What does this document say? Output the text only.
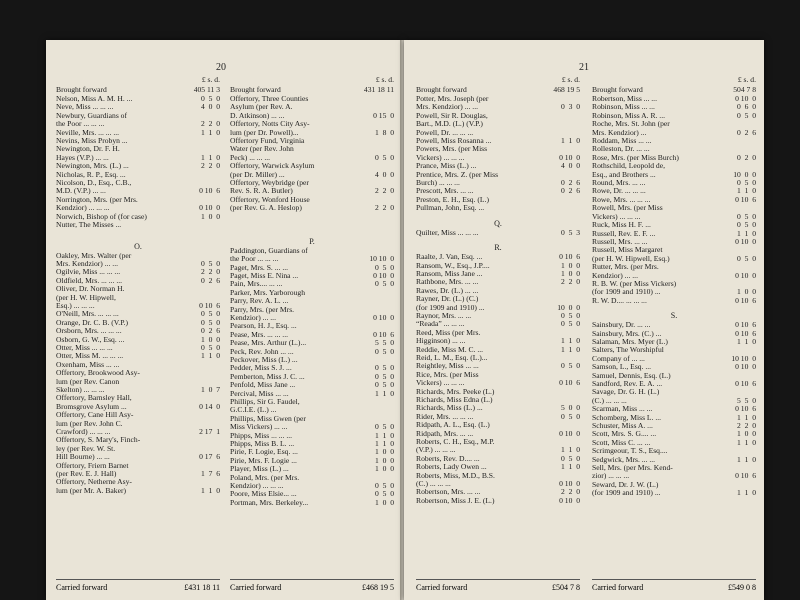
20
£ s. d.
Brought forward	405 11 3
Nelson, Miss A. M. H. ...	0  5  0
Neve, Miss ... ... ...	4  0  0
Newbury, Guardians of
the Poor ... ... ...	2  2  0
Neville, Mrs. ... ... ...	1  1  0
Nevins, Miss Probyn ...
Newington, Dr. F. H.
Hayes (V.P.) ... ...	1  1  0
Newington, Mrs. (L.) ...	2  2  0
Nicholas, R. P., Esq. ...
Nicolson, D., Esq., C.B.,
M.D. (V.P.) ... ...	0 10  6
Norrington, Mrs. (per Mrs.
Kendzior) ... ... ...	0 10  0
Norwich, Bishop of (for case)	1  0  0
Nutter, The Misses ...
O.
Oakley, Mrs. Walter (per
Mrs. Kendzior) ... ...	0  5  0
Ogilvie, Miss ... ... ...	2  2  0
Oldfield, Mrs. ... ... ...	0  2  6
Oliver, Dr. Norman H.
(per H. W. Hipwell,
Esq.) ... ... ...	0 10  6
O'Neill, Mrs. ... ... ...	0  5  0
Orange, Dr. C. B. (V.P.)	0  5  0
Orsborn, Mrs. ... ... ...	0  2  6
Osborn, G. W., Esq. ...	1  0  0
Otter, Miss ... ... ...	0  5  0
Otter, Miss M. ... ... ...	1  1  0
Oxenham, Miss ... ...
Offertory, Brookwood Asy-
lum (per Rev. Canon
Skelton) ... ... ...	1  0  7
Offertory, Barnsley Hall,
Bromsgrove Asylum ...	0 14  0
Offertory, Cane Hill Asy-
lum (per Rev. John C.
Crawford) ... ... ...	2 17  1
Offertory, S. Mary's, Finch-
ley (per Rev. W. St.
Hill Bourne) ... ...	0 17  6
Offertory, Friern Barnet
(per Rev. E. J. Hall)	1  7  6
Offertory, Netherne Asy-
lum (per Mr. A. Baker)	1  1  0
£ s. d.
Brought forward	431 18 11
Offertory, Three Counties
Asylum (per Rev. A.
D. Atkinson) ... ...	0 15  0
Offertory, Notts City Asy-
lum (per Dr. Powell)...	1  8  0
Offertory Fund, Virginia
Water (per Rev. John
Peck) ... ... ...	0  5  0
Offertory, Warwick Asylum
(per Dr. Miller) ...	4  0  0
Offertory, Weybridge (per
Rev. S. R. A. Butler)	2  2  0
Offertory, Wonford House
(per Rev. G. A. Heslop)	2  2  0
P.
Paddington, Guardians of
the Poor ... ... ...	10 10  0
Paget, Mrs. S. ... ...	0  5  0
Paget, Miss E. Nina ...	0 10  0
Pain, Mrs.... ... ...	0  5  0
Parker, Mrs. Yarborough
Parry, Rev. A. L. ...
Parry, Mrs. (per Mrs.
Kendzior) ... ...	0 10  0
Pearson, H. J., Esq. ...
Pease, Mrs. ... ... ...	0 10  6
Pease, Mrs. Arthur (L.)...	5  5  0
Peck, Rev. John ... ...	0  5  0
Peckover, Miss (L.) ...
Pedder, Miss S. J. ...	0  5  0
Pemberton, Miss J. C. ...	0  5  0
Penfold, Miss Jane ...	0  5  0
Percival, Miss ... ...	1  1  0
Phillips, Sir G. Faudel,
G.C.I.E. (L.) ...
Phillips, Miss Gwen (per
Miss Vickers) ... ...	0  5  0
Phipps, Miss ... ... ...	1  1  0
Phipps, Miss B. L. ...	1  1  0
Pirie, F. Logie, Esq. ...	1  0  0
Pirie, Mrs. F. Logie ...	1  0  0
Player, Miss (L.) ...	1  0  0
Poland, Mrs. (per Mrs.
Kendzior) ... ... ...	0  5  0
Poore, Miss Elsie... ...	0  5  0
Portman, Mrs. Berkeley...	1  0  0
Carried forward	£431 18 11 Carried forward	£468 19 5
21
£ s. d.
Brought forward	468 19 5
Potter, Mrs. Joseph (per
Mrs. Kendzior) ... ...	0  3  0
Powell, Sir R. Douglas,
Bart., M.D. (L.) (V.P.)
Powell, Dr. ... ... ...
Powell, Miss Rosanna ...	1  1  0
Powers, Mrs. (per Miss
Vickers) ... ... ...	0 10  0
Prance, Miss (L.) ...	4  0  0
Prentice, Mrs. Z. (per Miss
Burch) ... ... ...	0  2  6
Prescott, Mrs. ... ...	0  2  6
Preston, E. H., Esq. (L.)
Pullman, John, Esq. ...
Q.
Quilter, Miss ... ... ...	0  5  3
R.
Raalte, J. Van, Esq. ...	0 10  6
Ransom, W., Esq., J.P....	1  0  0
Ransom, Miss Jane ...	1  0  0
Rathbone, Mrs. ... ...	2  2  0
Rawes, Dr. (L.) ... ...
Rayner, Dr. (L.) (C.)
(for 1909 and 1910) ...	10  0  0
Raynor, Mrs. ... ...	0  5  0
“Reada” ... ... ...	0  5  0
Reed, Miss (per Mrs.
Higginson) ... ...	1  1  0
Reddie, Miss M. C. ...	1  1  0
Reid, L. M., Esq. (L.)...
Reightley, Miss ... ...	0  5  0
Rice, Mrs. (per Miss
Vickers) ... ... ...	0 10  6
Richards, Mrs. Peeke (L.)
Richards, Miss Edna (L.)
Richards, Miss (L.) ...	5  0  0
Rider, Mrs. ... ... ...	0  5  0
Ridpath, A. L., Esq. (L.)
Ridpath, Mrs. ... ...	0 10  0
Roberts, C. H., Esq., M.P.
(V.P.) ... ... ...	1  1  0
Roberts, Rev. D.... ...	0  5  0
Roberts, Lady Owen ...	1  1  0
Roberts, Miss, M.D., B.S.
(C.) ... ... ...	0 10  0
Robertson, Mrs. ... ...	2  2  0
Robertson, Miss J. E. (L.)	0 10  0
£ s. d.
Brought forward	504 7 8
Robertson, Miss ... ...	0 10  0
Robinson, Miss ... ...	0  6  0
Robinson, Miss A. R. ...	0  5  0
Roche, Mrs. St. John (per
Mrs. Kendzior) ...	0  2  6
Roddam, Miss ... ...
Rolleston, Dr. ... ...
Rose, Mrs. (per Miss Burch)	0  2  0
Rothschild, Leopold de,
Esq., and Brothers ...	10  0  0
Round, Mrs. ... ...	0  5  0
Rowe, Dr. ... ... ...	1  1  0
Rowe, Mrs. ... ... ...	0 10  6
Rowell, Mrs. (per Miss
Vickers) ... ... ...	0  5  0
Ruck, Miss H. F. ...	0  5  0
Russell, Rev. E. F. ...	1  1  0
Russell, Mrs. ... ...	0 10  0
Russell, Miss Margaret
(per H. W. Hipwell, Esq.)	0  5  0
Rutter, Mrs. (per Mrs.
Kendzior) ... ...	0 10  0
R. B. W. (per Miss Vickers)
(for 1909 and 1910) ...	1  0  0
R. W. D.... ... ... ...	0 10  6
S.
Sainsbury, Dr. ... ...	0 10  6
Sainsbury, Mrs. (C.) ...	0 10  6
Salaman, Mrs. Myer (L.)	1  1  0
Salters, The Worshipful
Company of ... ...	10 10  0
Samson, L., Esq. ...	0 10  0
Samuel, Dennis, Esq. (L.)
Sandford, Rev. E. A. ...	0 10  6
Savage, Dr. G. H. (L.)
(C.) ... ... ...	5  5  0
Scarman, Miss ... ...	0 10  6
Schomberg, Miss L. ...	1  1  0
Schuster, Miss A. ...	2  2  0
Scott, Mrs. S. G.... ...	1  0  0
Scott, Miss C. ... ...	1  1  0
Scrimgeour, T. S., Esq....
Sedgwick, Mrs. ... ...	1  1  0
Sell, Mrs. (per Mrs. Kend-
zior) ... ... ...	0 10  6
Seward, Dr. J. W. (L.)
(for 1909 and 1910) ...	1  1  0
Carried forward	£504 7 8 Carried forward	£549 0 8
